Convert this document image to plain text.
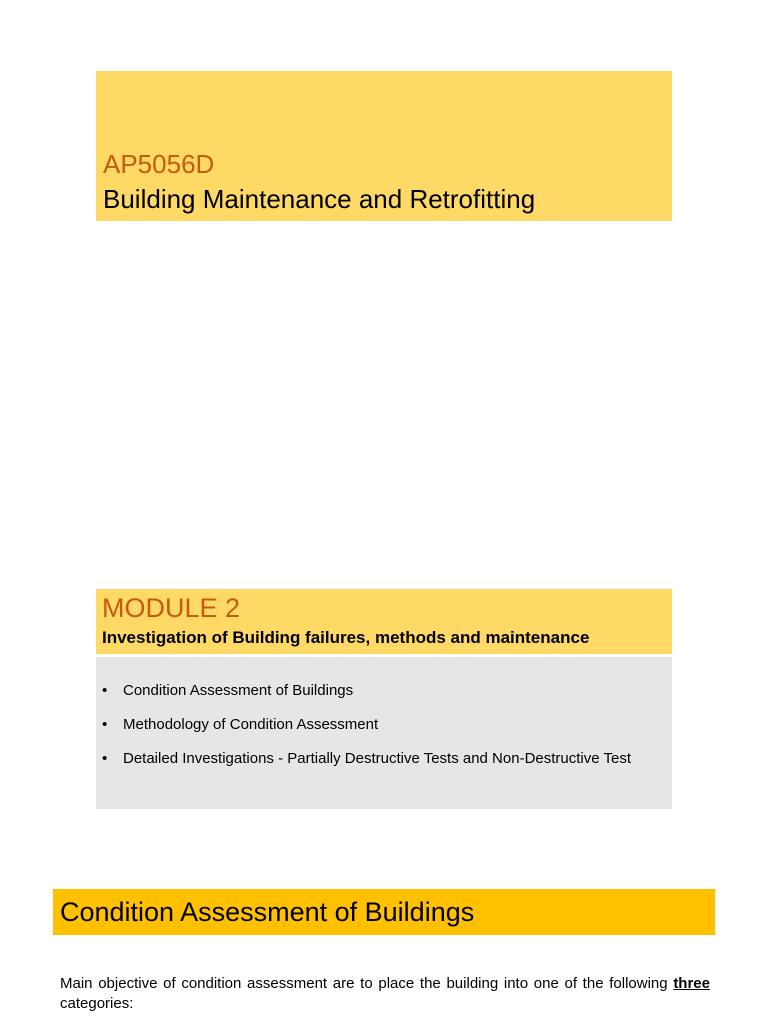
AP5056D
Building Maintenance and Retrofitting
MODULE 2
Investigation of Building failures, methods and maintenance
• Condition Assessment of Buildings
• Methodology of Condition Assessment
• Detailed Investigations - Partially Destructive Tests and Non-Destructive Test
Condition Assessment of Buildings
Main objective of condition assessment are to place the building into one of the following three categories:
